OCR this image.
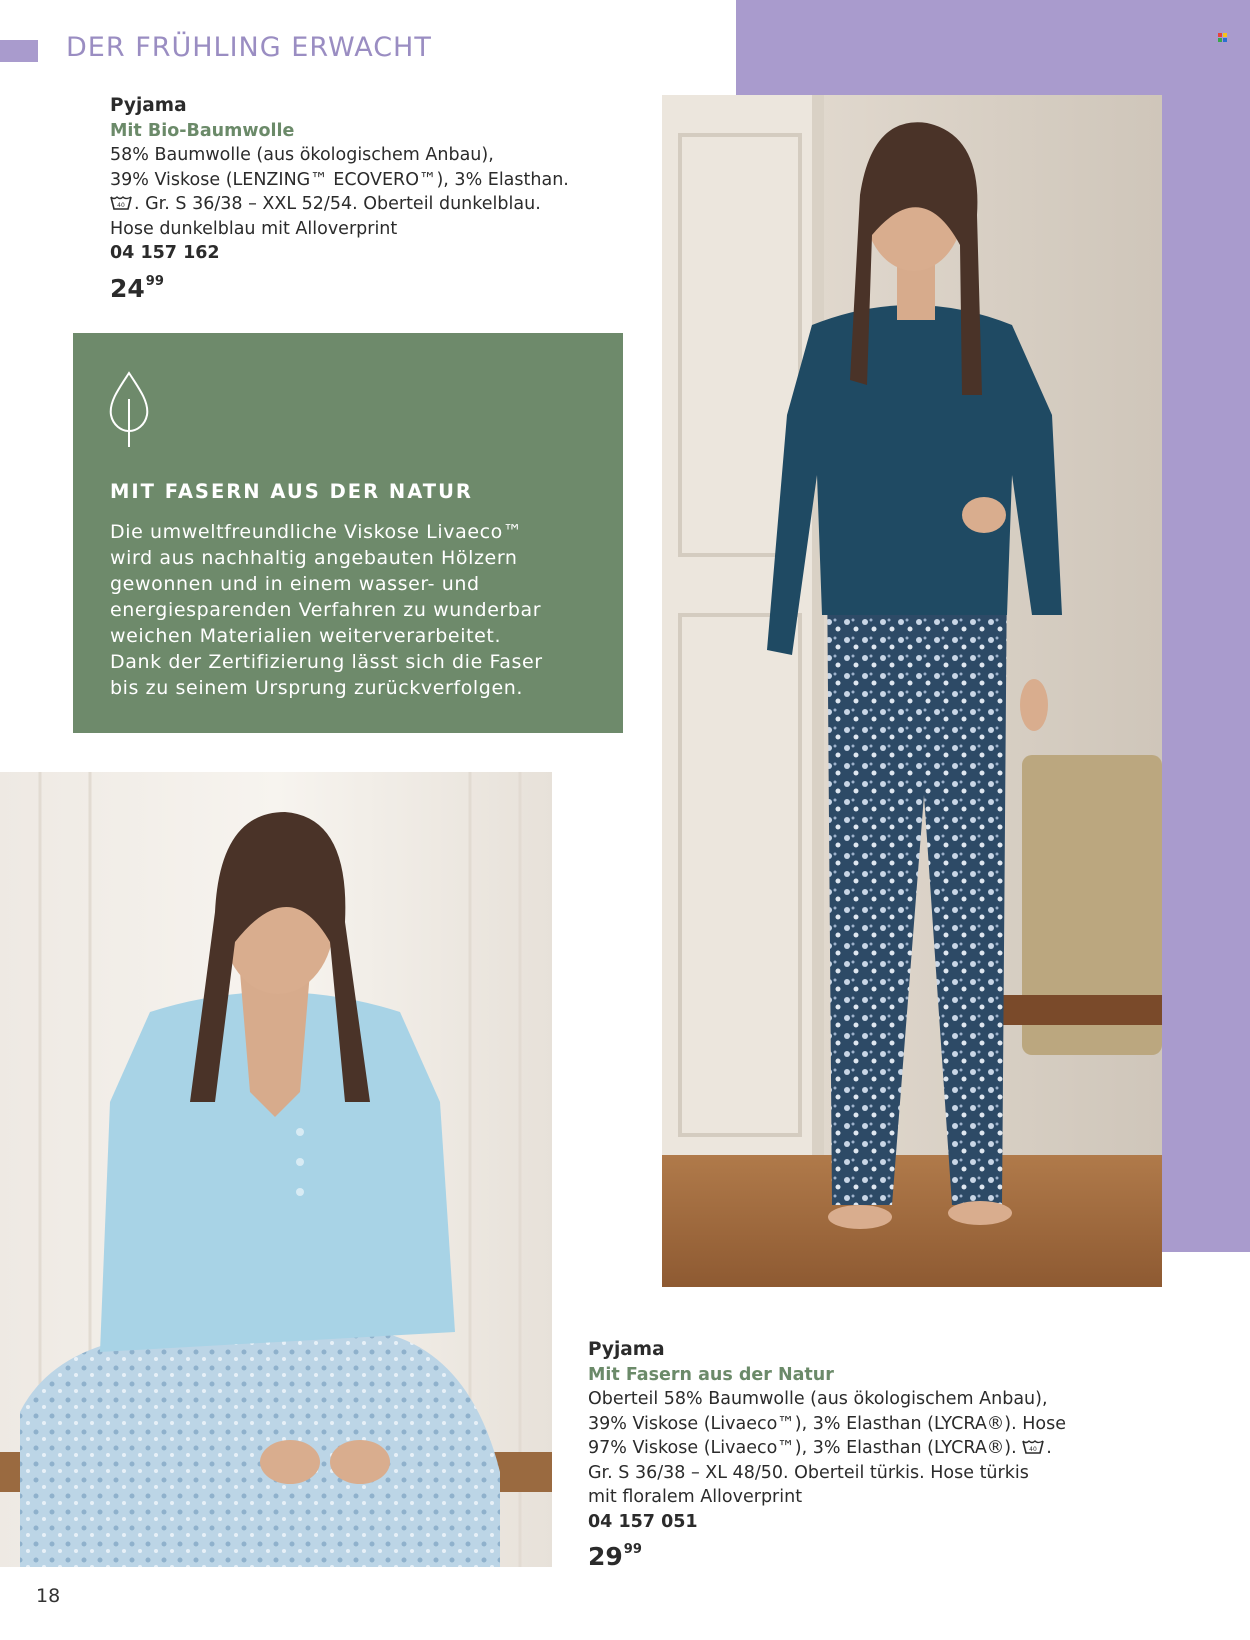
DER FRÜHLING ERWACHT
Pyjama
Mit Bio-Baumwolle
58% Baumwolle (aus ökologischem Anbau),
39% Viskose (LENZING™ ECOVERO™), 3% Elasthan.
40 . Gr. S 36/38 – XXL 52/54. Oberteil dunkelblau.
Hose dunkelblau mit Alloverprint
04 157 162
$24^{99}$
MIT FASERN AUS DER NATUR
Die umweltfreundliche Viskose Livaeco™
wird aus nachhaltig angebauten Hölzern
gewonnen und in einem wasser- und
energiesparenden Verfahren zu wunderbar
weichen Materialien weiterverarbeitet.
Dank der Zertifizierung lässt sich die Faser
bis zu seinem Ursprung zurückverfolgen.
Pyjama
Mit Fasern aus der Natur
Oberteil 58% Baumwolle (aus ökologischem Anbau),
39% Viskose (Livaeco™), 3% Elasthan (LYCRA®). Hose
97% Viskose (Livaeco™), 3% Elasthan (LYCRA®). 40 .
Gr. S 36/38 – XL 48/50. Oberteil türkis. Hose türkis
mit floralem Alloverprint
04 157 051
$29^{99}$
18
